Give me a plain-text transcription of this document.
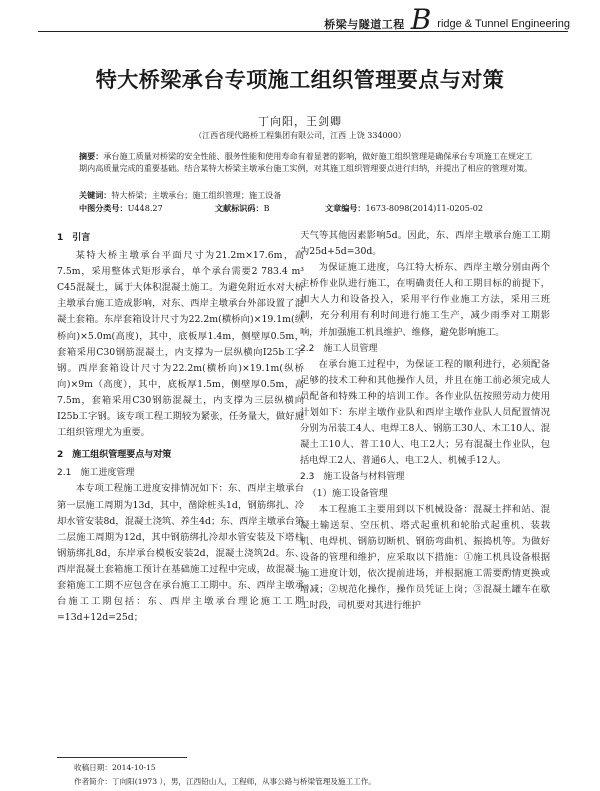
桥梁与隧道工程 B ridge & Tunnel Engineering
特大桥梁承台专项施工组织管理要点与对策
丁向阳，王剑卿
（江西省现代路桥工程集团有限公司，江西 上饶 334000）
摘要：承台施工质量对桥梁的安全性能、服务性能和使用寿命有着显著的影响，做好施工组织管理是确保承台专项施工在规定工期内高质量完成的重要基础。结合某特大桥梁主墩承台施工实例，对其施工组织管理要点进行归纳，并提出了相应的管理对策。
关键词：特大桥梁；主墩承台；施工组织管理；施工设备
中图分类号：U448.27	文献标识码：B	文章编号：1673-8098(2014)11-0205-02

1　引言

某特大桥主墩承台平面尺寸为21.2m×17.6m，高7.5m，采用整体式矩形承台，单个承台需要2 783.4 m³ C45混凝土，属于大体积混凝土施工。为避免附近水对大桥主墩承台施工造成影响，对东、西岸主墩承台外部设置了混凝土套箱。东岸套箱设计尺寸为22.2m(横桥向)×19.1m(纵桥向)×5.0m(高度)，其中，底板厚1.4m，侧壁厚0.5m，套箱采用C30钢筋混凝土，内支撑为一层纵横向I25b工字钢。西岸套箱设计尺寸为22.2m(横桥向)×19.1m(纵桥向)×9m（高度），其中，底板厚1.5m，侧壁厚0.5m，高7.5m，套箱采用C30钢筋混凝土，内支撑为三层纵横向I25b工字钢。该专项工程工期较为紧张，任务量大，做好施工组织管理尤为重要。

2　施工组织管理要点与对策

2.1　施工进度管理

本专项工程施工进度安排情况如下：东、西岸主墩承台第一层施工周期为13d，其中，凿除桩头1d，钢筋绑扎、冷却水管安装8d，混凝土浇筑、养生4d；东、西岸主墩承台第二层施工周期为12d，其中钢筋绑扎冷却水管安装及下塔柱钢筋绑扎8d，东岸承台模板安装2d，混凝土浇筑2d。东、西岸混凝土套箱施工预计在基础施工过程中完成，故混凝土套箱施工工期不应包含在承台施工工期中。东、西岸主墩承台施工工期包括：东、西岸主墩承台理论施工工期=13d+12d=25d；

天气等其他因素影响5d。因此，东、西岸主墩承台施工工期为25d+5d=30d。

为保证施工进度，乌江特大桥东、西岸主墩分别由两个主桥作业队进行施工，在明确责任人和工期目标的前提下，加大人力和设备投入，采用平行作业施工方法，采用三班制，充分利用有利时间进行施工生产，减少雨季对工期影响，并加强施工机具维护、维修，避免影响施工。

2.2　施工人员管理

在承台施工过程中，为保证工程的顺利进行，必须配备足够的技术工种和其他操作人员，并且在施工前必须完成人员配备和特殊工种的培训工作。各作业队伍按照劳动力使用计划如下：东岸主墩作业队和西岸主墩作业队人员配置情况分别为吊装工4人、电焊工8人、钢筋工30人、木工10人、混凝土工10人、普工10人、电工2人；另有混凝土作业队，包括电焊工2人、普通6人、电工2人、机械手12人。

2.3　施工设备与材料管理

（1）施工设备管理

本工程施工主要用到以下机械设备：混凝土拌和站、混凝土输送泵、空压机、塔式起重机和轮胎式起重机、装载机、电焊机、钢筋切断机、钢筋弯曲机、振捣机等。为做好设备的管理和维护，应采取以下措施：①施工机具设备根据施工进度计划，依次提前进场，并根据施工需要酌情更换或增减；②规范化操作，操作员凭证上岗；③混凝土罐车在歇工时段，司机要对其进行维护

收稿日期：2014-10-15
作者简介：丁向阳(1973 ），男，江西铅山人，工程师，从事公路与桥梁管理及施工工作。
